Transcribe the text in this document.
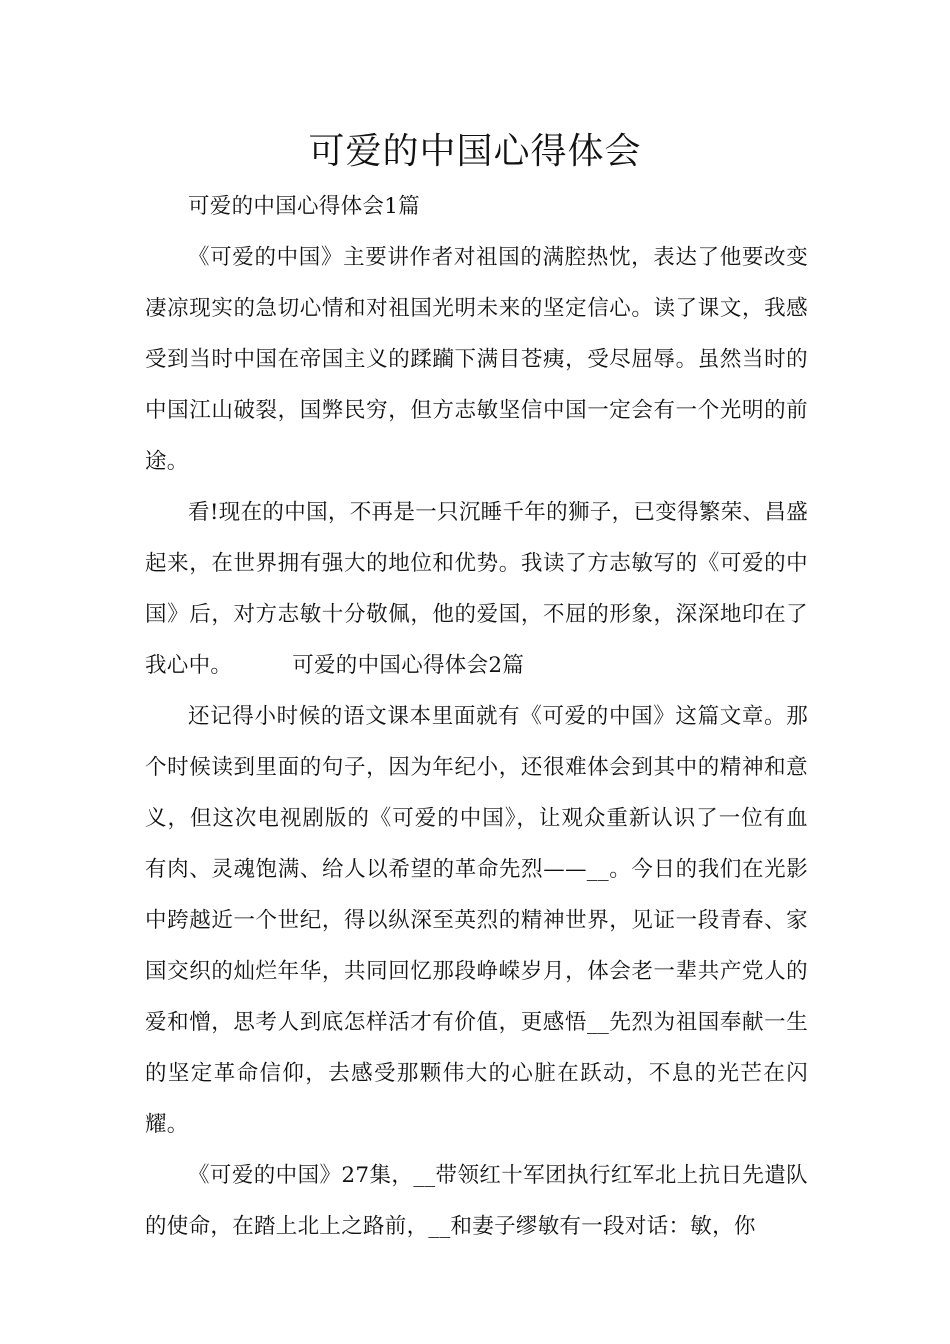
可爱的中国心得体会

可爱的中国心得体会1篇

《可爱的中国》主要讲作者对祖国的满腔热忱，表达了他要改变凄凉现实的急切心情和对祖国光明未来的坚定信心。读了课文，我感受到当时中国在帝国主义的蹂躏下满目苍痍，受尽屈辱。虽然当时的中国江山破裂，国弊民穷，但方志敏坚信中国一定会有一个光明的前途。

看!现在的中国，不再是一只沉睡千年的狮子，已变得繁荣、昌盛起来，在世界拥有强大的地位和优势。我读了方志敏写的《可爱的中国》后，对方志敏十分敬佩，他的爱国，不屈的形象，深深地印在了我心中。	可爱的中国心得体会2篇

还记得小时候的语文课本里面就有《可爱的中国》这篇文章。那个时候读到里面的句子，因为年纪小，还很难体会到其中的精神和意义，但这次电视剧版的《可爱的中国》，让观众重新认识了一位有血有肉、灵魂饱满、给人以希望的革命先烈——__。今日的我们在光影中跨越近一个世纪，得以纵深至英烈的精神世界，见证一段青春、家国交织的灿烂年华，共同回忆那段峥嵘岁月，体会老一辈共产党人的爱和憎，思考人到底怎样活才有价值，更感悟__先烈为祖国奉献一生的坚定革命信仰，去感受那颗伟大的心脏在跃动，不息的光芒在闪耀。

《可爱的中国》27集，__带领红十军团执行红军北上抗日先遣队的使命，在踏上北上之路前，__和妻子缪敏有一段对话：敏，你
